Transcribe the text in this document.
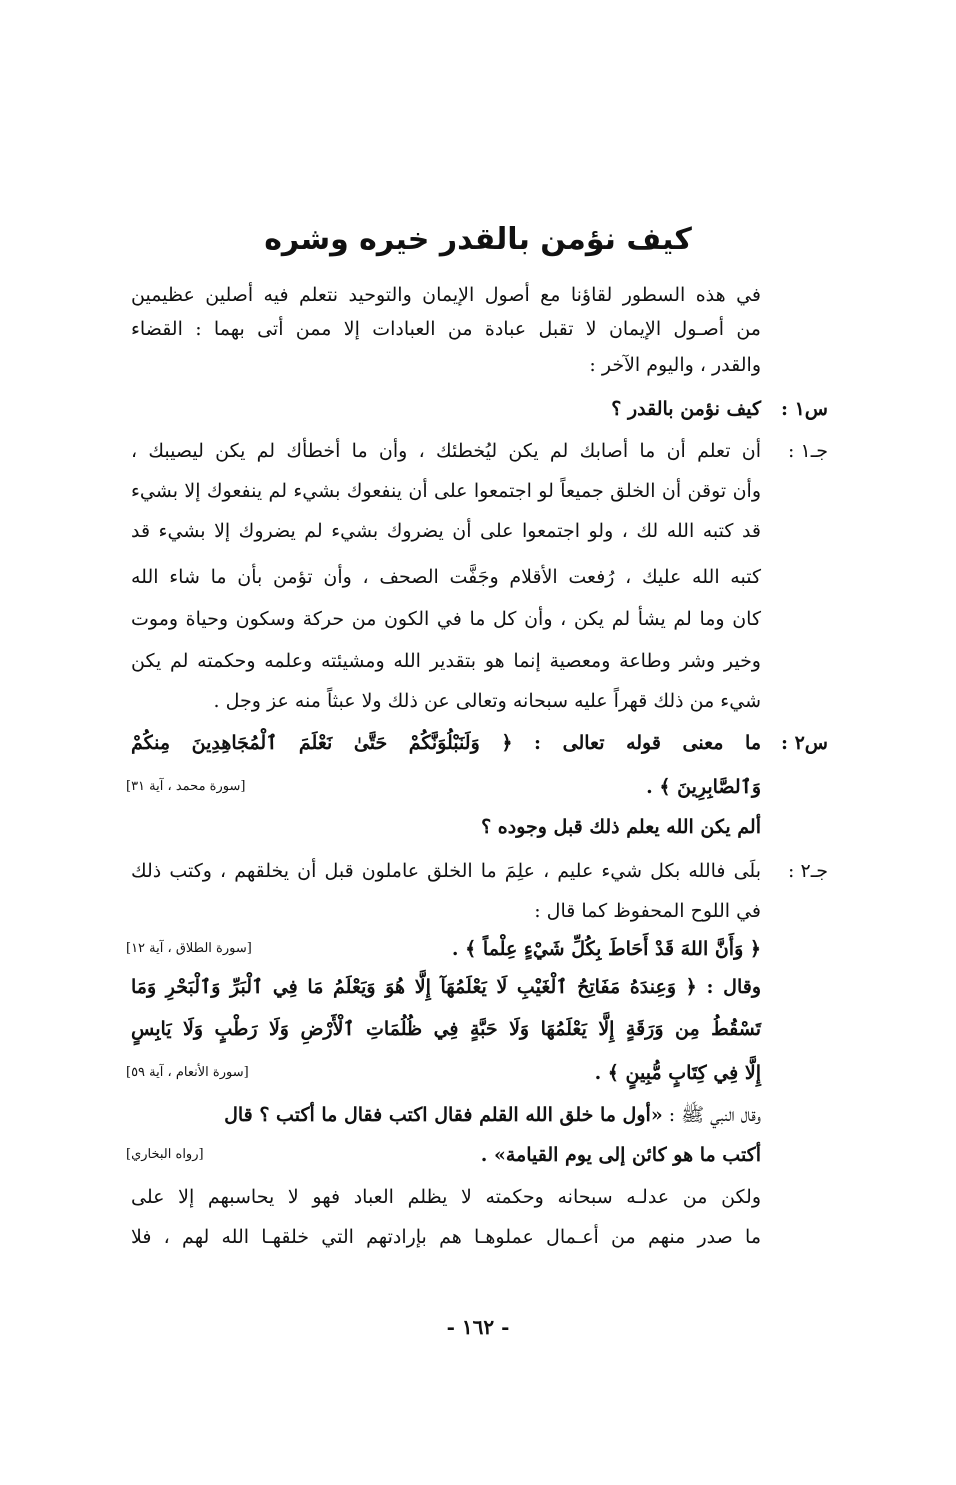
كيف نؤمن بالقدر خيره وشره
في هذه السطور لقاؤنا مع أصول الإيمان والتوحيد نتعلم فيه أصلين عظيمين
من أصـول الإيمان لا تقبل عبادة من العبادات إلا ممن أتى بهما : القضاء
والقدر ، واليوم الآخر :
س١ :
كيف نؤمن بالقدر ؟
جـ١ :
أن تعلم أن ما أصابك لم يكن ليُخطئك ، وأن ما أخطأك لم يكن ليصيبك ،
وأن توقن أن الخلق جميعاً لو اجتمعوا على أن ينفعوك بشيء لم ينفعوك إلا بشيء
قد كتبه الله لك ، ولو اجتمعوا على أن يضروك بشيء لم يضروك إلا بشيء قد
كتبه الله عليك ، رُفعت الأقلام وجَفَّت الصحف ، وأن تؤمن بأن ما شاء الله
كان وما لم يشأ لم يكن ، وأن كل ما في الكون من حركة وسكون وحياة وموت
وخير وشر وطاعة ومعصية إنما هو بتقدير الله ومشيئته وعلمه وحكمته لم يكن
شيء من ذلك قهراً عليه سبحانه وتعالى عن ذلك ولا عبثاً منه عز وجل .
س٢ :
ما معنى قوله تعالى : ﴿ وَلَنَبْلُوَنَّكُمْ حَتَّىٰ نَعْلَمَ ٱلْمُجَاهِدِينَ مِنكُمْ
وَٱلصَّابِرِينَ ﴾ .
[سورة محمد ، آية ٣١]
ألم يكن الله يعلم ذلك قبل وجوده ؟
جـ٢ :
بلَى فالله بكل شيء عليم ، علِمَ ما الخلق عاملون قبل أن يخلقهم ، وكتب ذلك
في اللوح المحفوظ كما قال :
﴿ وَأَنَّ اللهَ قَدْ أَحَاطَ بِكُلِّ شَيْءٍ عِلْماً ﴾ .
[سورة الطلاق ، آية ١٢]
وقال : ﴿ وَعِندَهُ مَفَاتِحُ ٱلْغَيْبِ لَا يَعْلَمُهَآ إِلَّا هُوَ وَيَعْلَمُ مَا فِي ٱلْبَرِّ وَٱلْبَحْرِ وَمَا
تَسْقُطُ مِن وَرَقَةٍ إِلَّا يَعْلَمُهَا وَلَا حَبَّةٍ فِي ظُلُمَاتِ ٱلْأَرْضِ وَلَا رَطْبٍ وَلَا يَابِسٍ
إِلَّا فِي كِتَابٍ مُّبِينٍ ﴾ .
[سورة الأنعام ، آية ٥٩]
وقال النبي ﷺ : «أول ما خلق الله القلم فقال اكتب فقال ما أكتب ؟ قال
أكتب ما هو كائن إلى يوم القيامة» .
[رواه البخاري]
ولكن من عدلـه سبحانه وحكمته لا يظلم العباد فهو لا يحاسبهم إلا على
ما صدر منهم من أعـمال عملوهـا هم بإرادتهم التي خلقهـا الله لهم ، فلا
- ١٦٢ -
